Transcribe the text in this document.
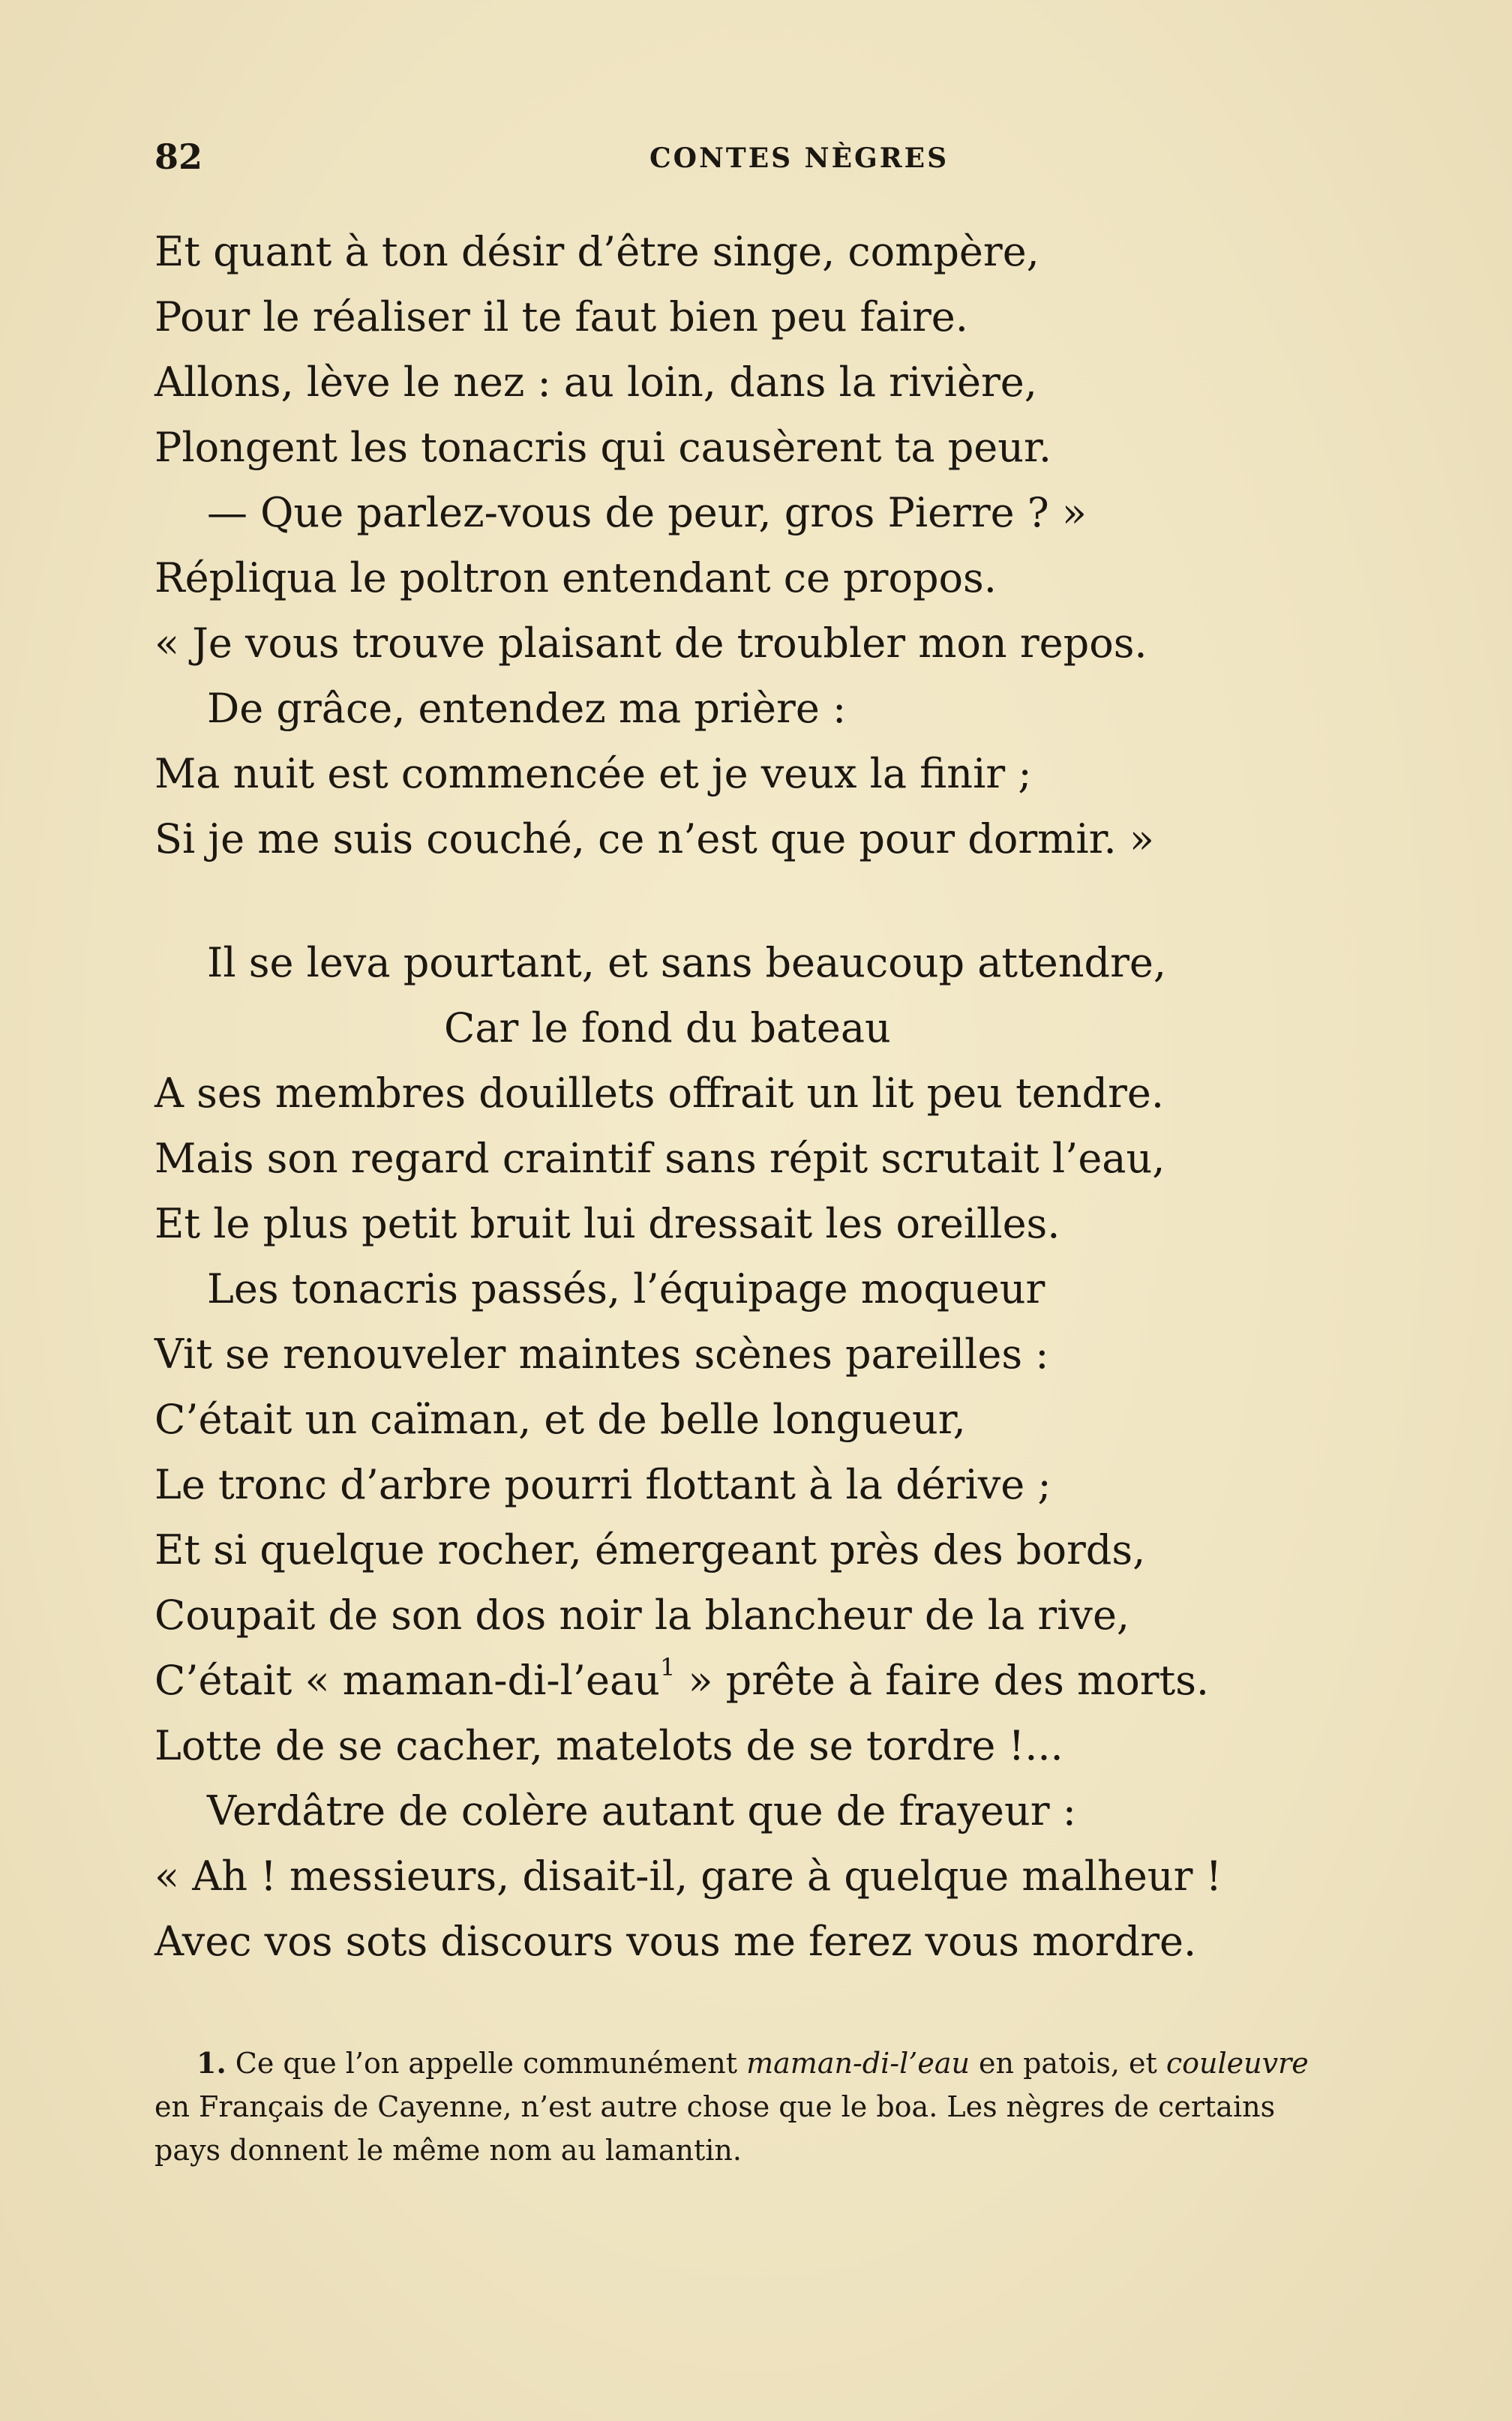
82	CONTES NÈGRES
Et quant à ton désir d’être singe, compère,
Pour le réaliser il te faut bien peu faire.
Allons, lève le nez : au loin, dans la rivière,
Plongent les tonacris qui causèrent ta peur.
— Que parlez-vous de peur, gros Pierre ? »
Répliqua le poltron entendant ce propos.
« Je vous trouve plaisant de troubler mon repos.
De grâce, entendez ma prière :
Ma nuit est commencée et je veux la finir ;
Si je me suis couché, ce n’est que pour dormir. »
Il se leva pourtant, et sans beaucoup attendre,
Car le fond du bateau
A ses membres douillets offrait un lit peu tendre.
Mais son regard craintif sans répit scrutait l’eau,
Et le plus petit bruit lui dressait les oreilles.
Les tonacris passés, l’équipage moqueur
Vit se renouveler maintes scènes pareilles :
C’était un caïman, et de belle longueur,
Le tronc d’arbre pourri flottant à la dérive ;
Et si quelque rocher, émergeant près des bords,
Coupait de son dos noir la blancheur de la rive,
C’était « maman-di-l’eau$^1$ » prête à faire des morts.
Lotte de se cacher, matelots de se tordre !...
Verdâtre de colère autant que de frayeur :
« Ah ! messieurs, disait-il, gare à quelque malheur !
Avec vos sots discours vous me ferez vous mordre.
1. Ce que l’on appelle communément maman-di-l’eau en patois, et couleuvre
en Français de Cayenne, n’est autre chose que le boa. Les nègres de certains
pays donnent le même nom au lamantin.
